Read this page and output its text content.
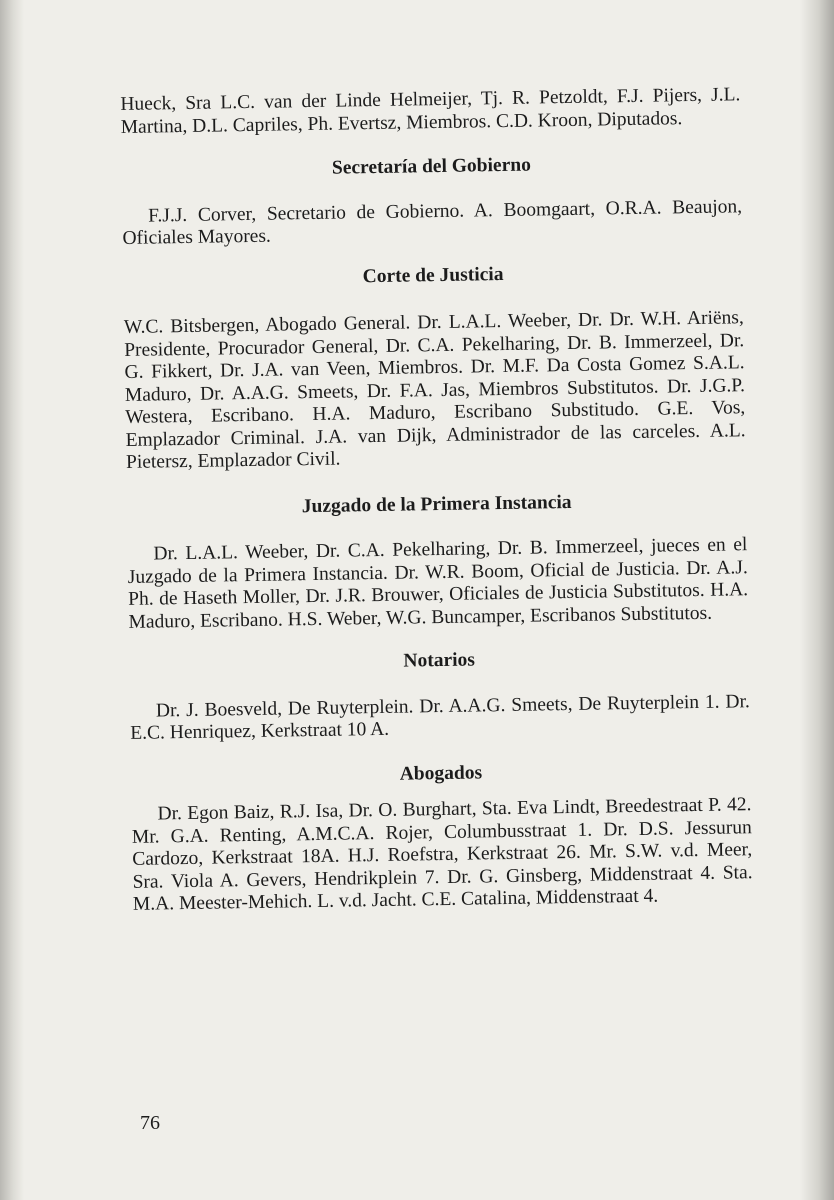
Hueck, Sra L.C. van der Linde Helmeijer, Tj. R. Petzoldt, F.J. Pijers, J.L. Martina, D.L. Capriles, Ph. Evertsz, Miembros. C.D. Kroon, Diputados.

Secretaría del Gobierno

F.J.J. Corver, Secretario de Gobierno. A. Boomgaart, O.R.A. Beaujon, Oficiales Mayores.

Corte de Justicia

W.C. Bitsbergen, Abogado General. Dr. L.A.L. Weeber, Dr. Dr. W.H. Ariëns, Presidente, Procurador General, Dr. C.A. Pekelharing, Dr. B. Immerzeel, Dr. G. Fikkert, Dr. J.A. van Veen, Miembros. Dr. M.F. Da Costa Gomez S.A.L. Maduro, Dr. A.A.G. Smeets, Dr. F.A. Jas, Miembros Substitutos. Dr. J.G.P. Westera, Escribano. H.A. Maduro, Escribano Substitudo. G.E. Vos, Emplazador Criminal. J.A. van Dijk, Administrador de las carceles. A.L. Pietersz, Emplazador Civil.

Juzgado de la Primera Instancia

Dr. L.A.L. Weeber, Dr. C.A. Pekelharing, Dr. B. Immerzeel, jueces en el Juzgado de la Primera Instancia. Dr. W.R. Boom, Oficial de Justicia. Dr. A.J. Ph. de Haseth Moller, Dr. J.R. Brouwer, Oficiales de Justicia Substitutos. H.A. Maduro, Escribano. H.S. Weber, W.G. Buncamper, Escribanos Substitutos.

Notarios

Dr. J. Boesveld, De Ruyterplein. Dr. A.A.G. Smeets, De Ruyterplein 1. Dr. E.C. Henriquez, Kerkstraat 10 A.

Abogados

Dr. Egon Baiz, R.J. Isa, Dr. O. Burghart, Sta. Eva Lindt, Breedestraat P. 42. Mr. G.A. Renting, A.M.C.A. Rojer, Columbusstraat 1. Dr. D.S. Jessurun Cardozo, Kerkstraat 18A. H.J. Roefstra, Kerkstraat 26. Mr. S.W. v.d. Meer, Sra. Viola A. Gevers, Hendrikplein 7. Dr. G. Ginsberg, Middenstraat 4. Sta. M.A. Meester-Mehich. L. v.d. Jacht. C.E. Catalina, Middenstraat 4.

76
